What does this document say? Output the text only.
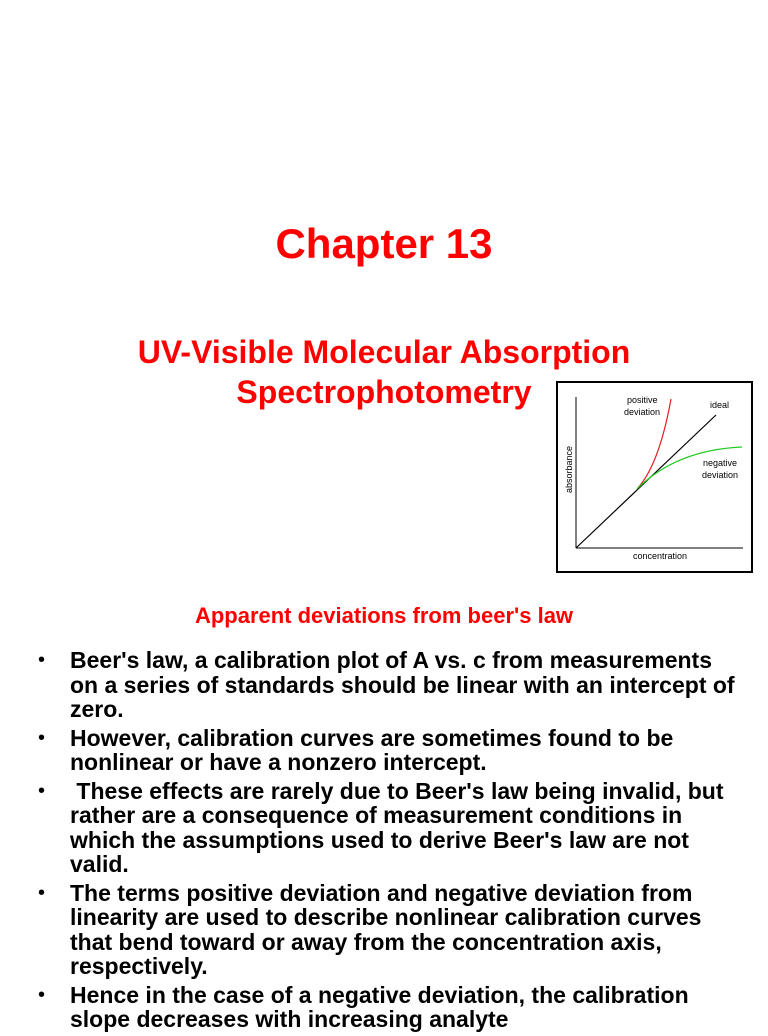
Chapter 13
UV-Visible Molecular Absorption
Spectrophotometry	positive
deviation
ideal
negative
deviation
concentration
absorbance
Apparent deviations from beer's law
• Beer's law, a calibration plot of A vs. c from measurements on a series of standards should be linear with an intercept of zero.
• However, calibration curves are sometimes found to be nonlinear or have a nonzero intercept.
• These effects are rarely due to Beer's law being invalid, but rather are a consequence of measurement conditions in which the assumptions used to derive Beer's law are not valid.
• The terms positive deviation and negative deviation from linearity are used to describe nonlinear calibration curves that bend toward or away from the concentration axis, respectively.
• Hence in the case of a negative deviation, the calibration slope decreases with increasing analyte
